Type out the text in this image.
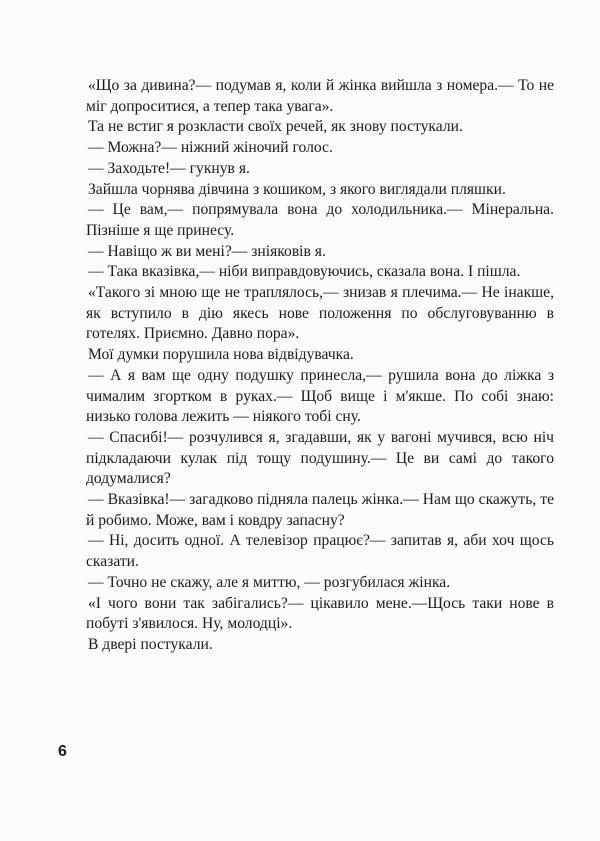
«Що за дивина?— подумав я, коли й жінка вийшла з номера.— То не міг допроситися, а тепер така увага».

Та не встиг я розкласти своїх речей, як знову постукали.

— Можна?— ніжний жіночий голос.

— Заходьте!— гукнув я.

Зайшла чорнява дівчина з кошиком, з якого виглядали пляшки.

— Це вам,— попрямувала вона до холодильника.— Мінеральна. Пізніше я ще принесу.

— Навіщо ж ви мені?— зніяковів я.

— Така вказівка,— ніби виправдовуючись, сказала вона. І пішла.

«Такого зі мною ще не траплялось,— знизав я плечима.— Не інакше, як вступило в дію якесь нове положення по обслуговуванню в готелях. Приємно. Давно пора».

Мої думки порушила нова відвідувачка.

— А я вам ще одну подушку принесла,— рушила вона до ліжка з чималим згортком в руках.— Щоб вище і м'якше. По собі знаю: низько голова лежить — ніякого тобі сну.

— Спасибі!— розчулився я, згадавши, як у вагоні мучився, всю ніч підкладаючи кулак під тощу подушину.— Це ви самі до такого додумалися?

— Вказівка!— загадково підняла палець жінка.— Нам що скажуть, те й робимо. Може, вам і ковдру запасну?

— Ні, досить одної. А телевізор працює?— запитав я, аби хоч щось сказати.

— Точно не скажу, але я миттю, — розгубилася жінка.

«І чого вони так забігались?— цікавило мене.—Щось таки нове в побуті з'явилося. Ну, молодці».

В двері постукали.

6
